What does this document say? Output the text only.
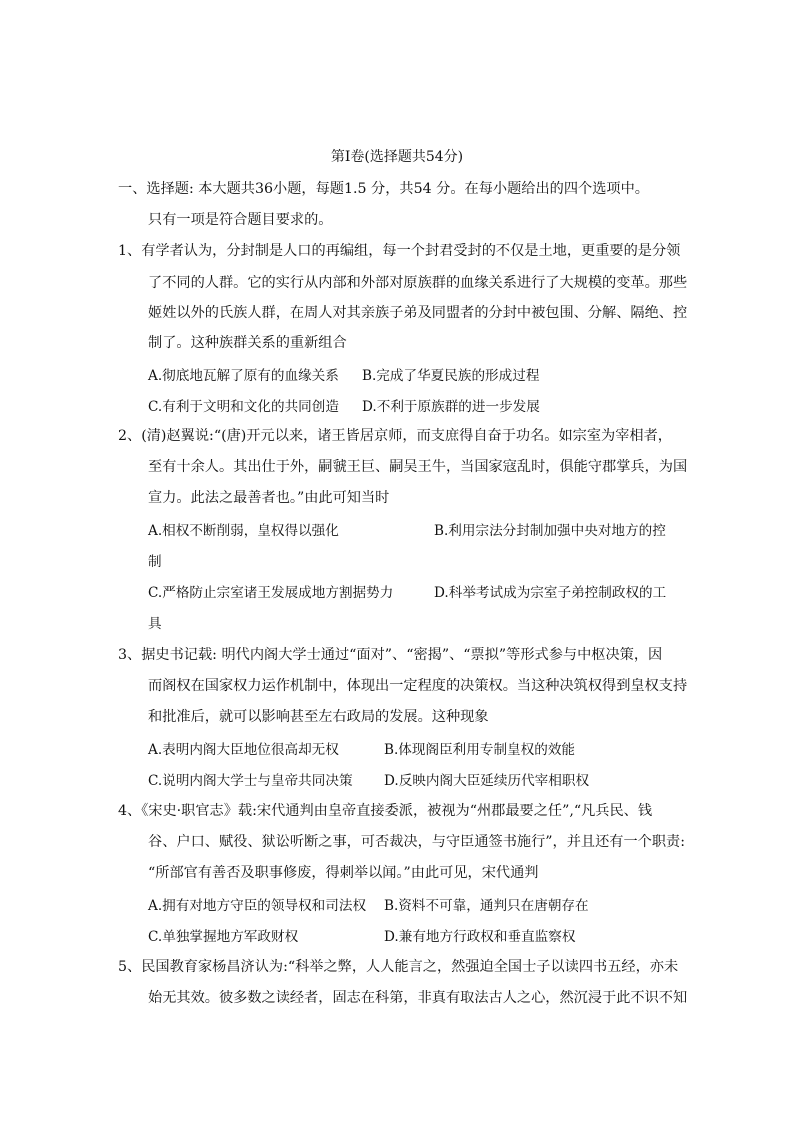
第Ⅰ卷(选择题共54分)
一、选择题: 本大题共36小题，每题1.5 分，共54 分。在每小题给出的四个选项中。
只有一项是符合题目要求的。
1、有学者认为，分封制是人口的再编组，每一个封君受封的不仅是土地，更重要的是分领
了不同的人群。它的实行从内部和外部对原族群的血缘关系进行了大规模的变革。那些
姬姓以外的氏族人群，在周人对其亲族子弟及同盟者的分封中被包围、分解、隔绝、控
制了。这种族群关系的重新组合
A.彻底地瓦解了原有的血缘关系 B.完成了华夏民族的形成过程
C.有利于文明和文化的共同创造 D.不利于原族群的进一步发展
2、(清)赵翼说:“(唐)开元以来，诸王皆居京师，而支庶得自奋于功名。如宗室为宰相者，
至有十余人。其出仕于外，嗣虢王巨、嗣吴王牛，当国家寇乱时，俱能守郡掌兵，为国
宣力。此法之最善者也。”由此可知当时
A.相权不断削弱，皇权得以强化	B.利用宗法分封制加强中央对地方的控
制
C.严格防止宗室诸王发展成地方割据势力	D.科举考试成为宗室子弟控制政权的工
具
3、据史书记载: 明代内阁大学士通过“面对”、“密揭”、“票拟”等形式参与中枢决策，因
而阁权在国家权力运作机制中，体现出一定程度的决策权。当这种决筑权得到皇权支持
和批准后，就可以影响甚至左右政局的发展。这种现象
A.表明内阁大臣地位很高却无权	B.体现阁臣利用专制皇权的效能
C.说明内阁大学士与皇帝共同决策 D.反映内阁大臣延续历代宰相职权
4、《宋史·职官志》载:宋代通判由皇帝直接委派，被视为“州郡最要之任”,“凡兵民、钱
谷、户口、赋役、狱讼听断之事，可否裁决，与守臣通签书施行”，并且还有一个职责:
“所部官有善否及职事修废，得刺举以闻。”由此可见，宋代通判
A.拥有对地方守臣的领导权和司法权 B.资料不可靠，通判只在唐朝存在
C.单独掌握地方军政财权	D.兼有地方行政权和垂直监察权
5、民国教育家杨昌济认为:“科举之弊，人人能言之，然强迫全国士子以读四书五经，亦未
始无其效。彼多数之读经者，固志在科第，非真有取法古人之心，然沉浸于此不识不知
